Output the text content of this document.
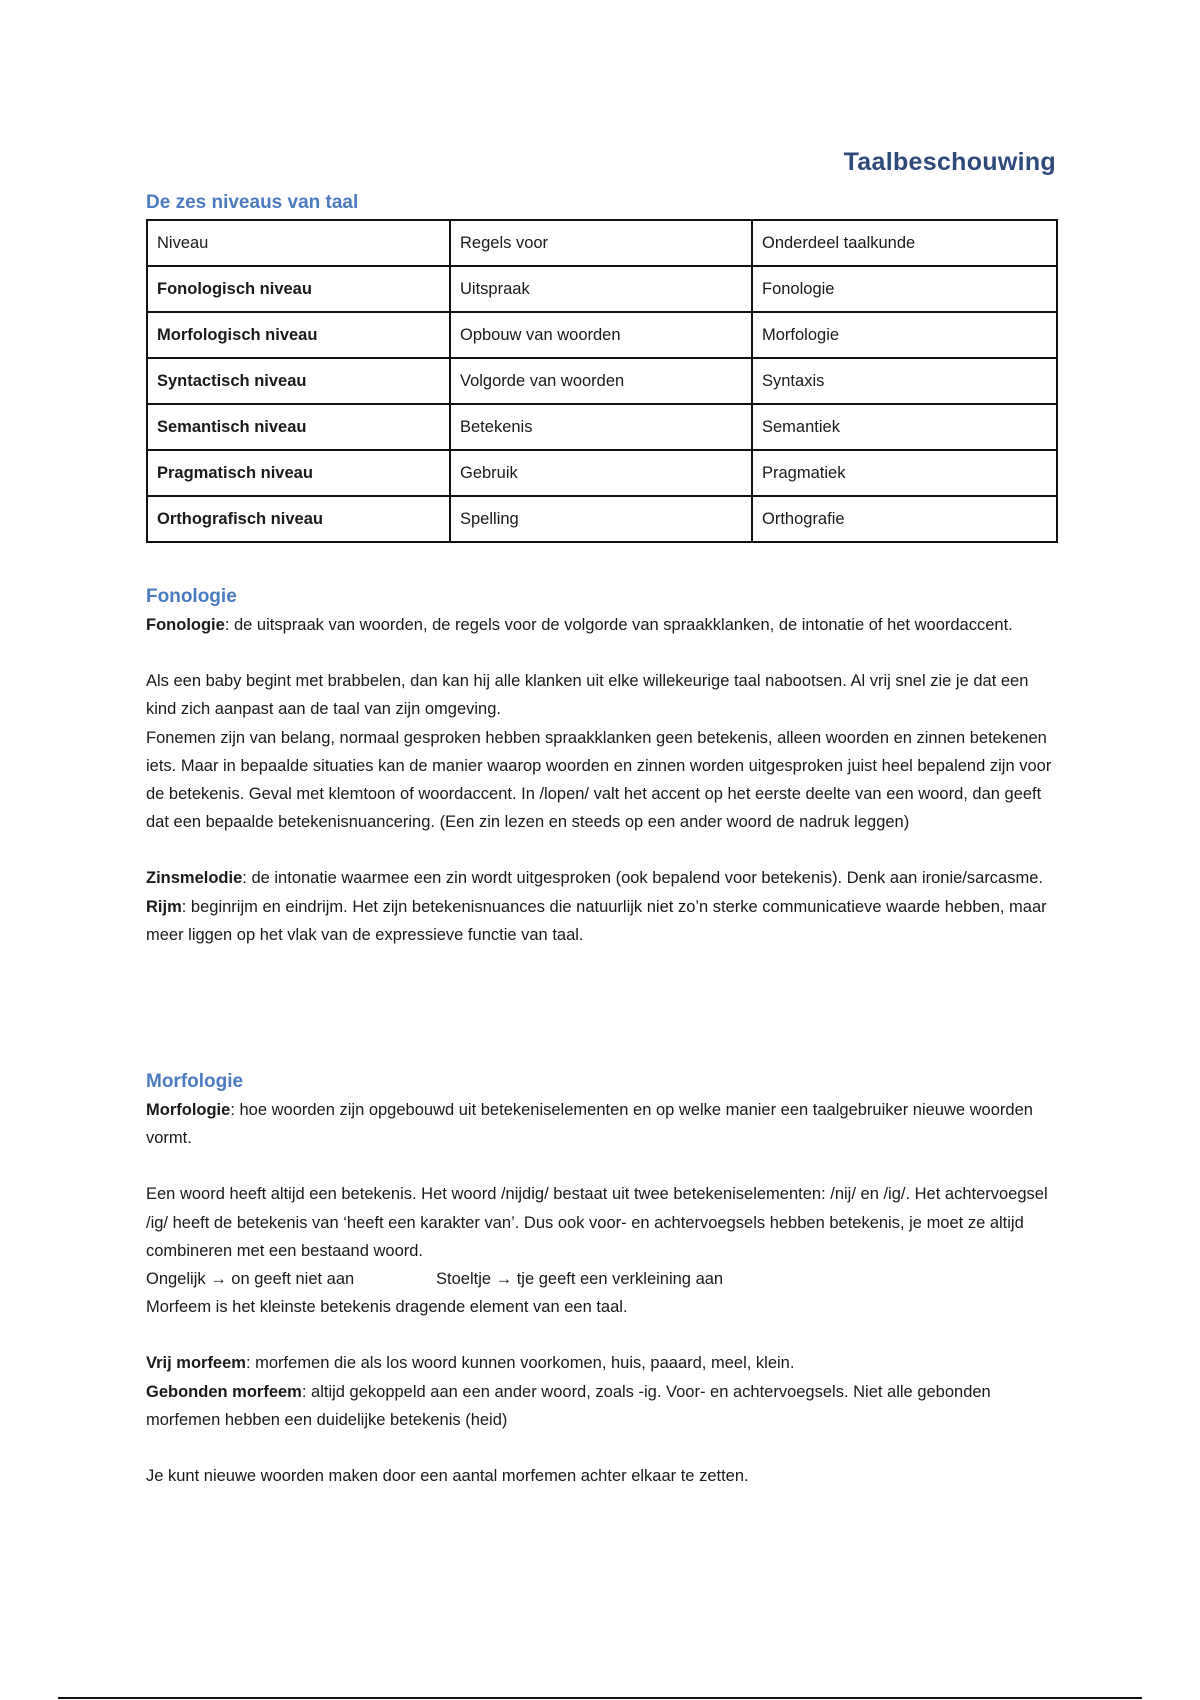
Taalbeschouwing
De zes niveaus van taal
Niveau	Regels voor	Onderdeel taalkunde
Fonologisch niveau	Uitspraak	Fonologie
Morfologisch niveau	Opbouw van woorden	Morfologie
Syntactisch niveau	Volgorde van woorden	Syntaxis
Semantisch niveau	Betekenis	Semantiek
Pragmatisch niveau	Gebruik	Pragmatiek
Orthografisch niveau	Spelling	Orthografie
Fonologie

Fonologie: de uitspraak van woorden, de regels voor de volgorde van spraakklanken, de intonatie of het woordaccent.

Als een baby begint met brabbelen, dan kan hij alle klanken uit elke willekeurige taal nabootsen. Al vrij snel zie je dat een kind zich aanpast aan de taal van zijn omgeving.

Fonemen zijn van belang, normaal gesproken hebben spraakklanken geen betekenis, alleen woorden en zinnen betekenen iets. Maar in bepaalde situaties kan de manier waarop woorden en zinnen worden uitgesproken juist heel bepalend zijn voor de betekenis. Geval met klemtoon of woordaccent. In /lopen/ valt het accent op het eerste deelte van een woord, dan geeft dat een bepaalde betekenisnuancering. (Een zin lezen en steeds op een ander woord de nadruk leggen)

Zinsmelodie: de intonatie waarmee een zin wordt uitgesproken (ook bepalend voor betekenis). Denk aan ironie/sarcasme.

Rijm: beginrijm en eindrijm. Het zijn betekenisnuances die natuurlijk niet zo’n sterke communicatieve waarde hebben, maar meer liggen op het vlak van de expressieve functie van taal.

Morfologie

Morfologie: hoe woorden zijn opgebouwd uit betekeniselementen en op welke manier een taalgebruiker nieuwe woorden vormt.

Een woord heeft altijd een betekenis. Het woord /nijdig/ bestaat uit twee betekeniselementen: /nij/ en /ig/. Het achtervoegsel /ig/ heeft de betekenis van ‘heeft een karakter van’. Dus ook voor- en achtervoegsels hebben betekenis, je moet ze altijd combineren met een bestaand woord.

Ongelijk → on geeft niet aan	Stoeltje → tje geeft een verkleining aan

Morfeem is het kleinste betekenis dragende element van een taal.

Vrij morfeem: morfemen die als los woord kunnen voorkomen, huis, paaard, meel, klein.

Gebonden morfeem: altijd gekoppeld aan een ander woord, zoals -ig. Voor- en achtervoegsels. Niet alle gebonden morfemen hebben een duidelijke betekenis (heid)

Je kunt nieuwe woorden maken door een aantal morfemen achter elkaar te zetten.
